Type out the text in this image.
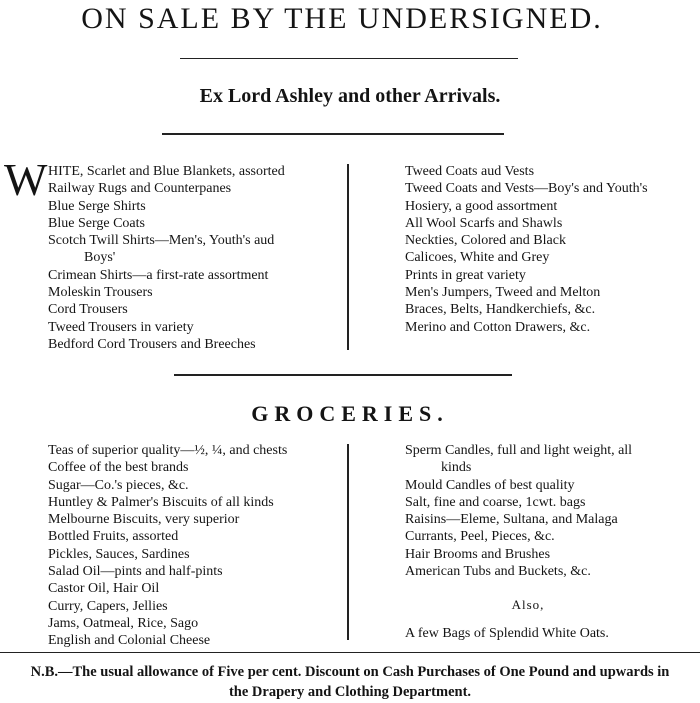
ON SALE BY THE UNDERSIGNED.
Ex Lord Ashley and other Arrivals.
W HITE, Scarlet and Blue Blankets, assorted
Railway Rugs and Counterpanes
Blue Serge Shirts
Blue Serge Coats
Scotch Twill Shirts—Men's, Youth's aud
Boys'
Crimean Shirts—a first-rate assortment
Moleskin Trousers
Cord Trousers
Tweed Trousers in variety
Bedford Cord Trousers and Breeches
Tweed Coats aud Vests
Tweed Coats and Vests—Boy's and Youth's
Hosiery, a good assortment
All Wool Scarfs and Shawls
Neckties, Colored and Black
Calicoes, White and Grey
Prints in great variety
Men's Jumpers, Tweed and Melton
Braces, Belts, Handkerchiefs, &c.
Merino and Cotton Drawers, &c.
GROCERIES.
Teas of superior quality—½, ¼, and chests
Coffee of the best brands
Sugar—Co.'s pieces, &c.
Huntley & Palmer's Biscuits of all kinds
Melbourne Biscuits, very superior
Bottled Fruits, assorted
Pickles, Sauces, Sardines
Salad Oil—pints and half-pints
Castor Oil, Hair Oil
Curry, Capers, Jellies
Jams, Oatmeal, Rice, Sago
English and Colonial Cheese
Sperm Candles, full and light weight, all
kinds
Mould Candles of best quality
Salt, fine and coarse, 1cwt. bags
Raisins—Eleme, Sultana, and Malaga
Currants, Peel, Pieces, &c.
Hair Brooms and Brushes
American Tubs and Buckets, &c.
Also,
A few Bags of Splendid White Oats.
N.B.—The usual allowance of Five per cent. Discount on Cash Purchases of One Pound and upwards in the Drapery and Clothing Department.
